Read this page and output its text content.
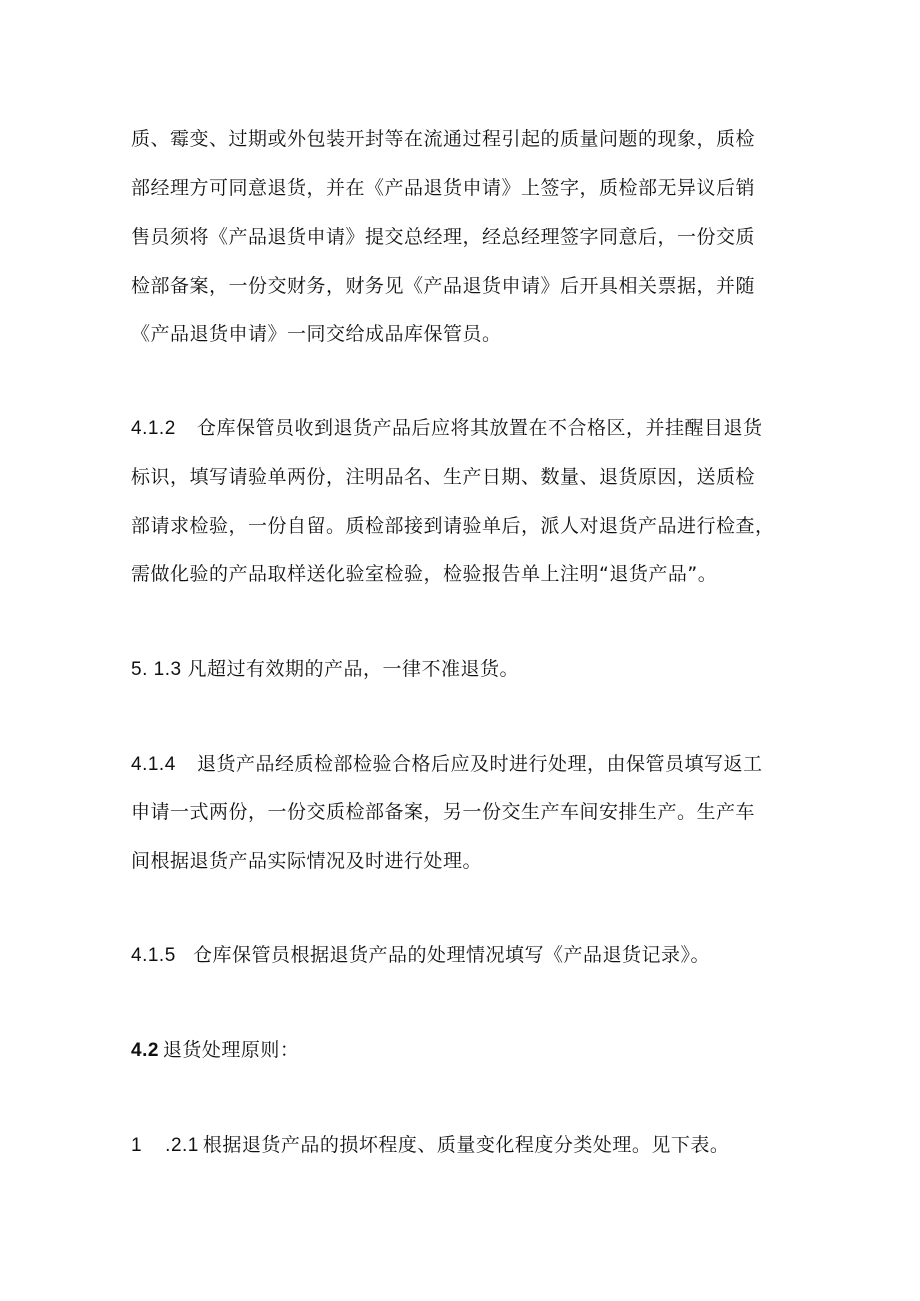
质、霉变、过期或外包装开封等在流通过程引起的质量问题的现象，质检
部经理方可同意退货，并在《产品退货申请》上签字，质检部无异议后销
售员须将《产品退货申请》提交总经理，经总经理签字同意后，一份交质
检部备案，一份交财务，财务见《产品退货申请》后开具相关票据，并随
《产品退货申请》一同交给成品库保管员。
4.1.2 仓库保管员收到退货产品后应将其放置在不合格区，并挂醒目退货
标识，填写请验单两份，注明品名、生产日期、数量、退货原因，送质检
部请求检验，一份自留。质检部接到请验单后，派人对退货产品进行检查，
需做化验的产品取样送化验室检验，检验报告单上注明“退货产品”。
5. 1.3 凡超过有效期的产品，一律不准退货。
4.1.4 退货产品经质检部检验合格后应及时进行处理，由保管员填写返工
申请一式两份，一份交质检部备案，另一份交生产车间安排生产。生产车
间根据退货产品实际情况及时进行处理。
4.1.5 仓库保管员根据退货产品的处理情况填写《产品退货记录》。
4.2 退货处理原则：
1    .2.1 根据退货产品的损坏程度、质量变化程度分类处理。见下表。
